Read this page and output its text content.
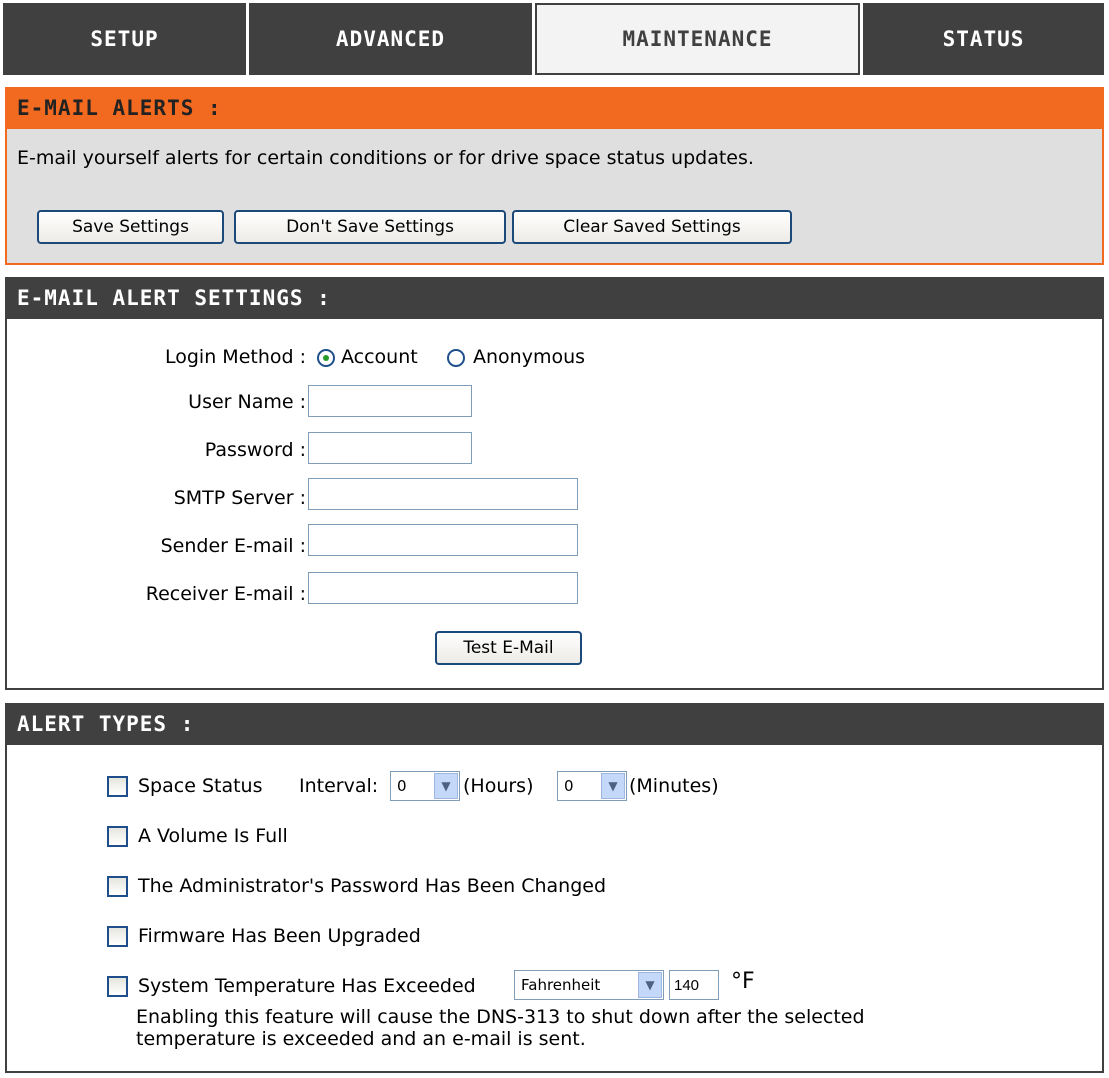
SETUP	ADVANCED	MAINTENANCE	STATUS
E-MAIL ALERTS :
E-mail yourself alerts for certain conditions or for drive space status updates.
Save Settings	Don't Save Settings	Clear Saved Settings
E-MAIL ALERT SETTINGS :
Login Method : Account	Anonymous
User Name :
Password :
SMTP Server :
Sender E-mail :
Receiver E-mail :
Test E-Mail
ALERT TYPES :
Space Status Interval: 0	▼ (Hours) 0	▼ (Minutes)
A Volume Is Full
The Administrator's Password Has Been Changed
Firmware Has Been Upgraded
System Temperature Has Exceeded	Fahrenheit	▼
140	°F
Enabling this feature will cause the DNS-313 to shut down after the selected
temperature is exceeded and an e-mail is sent.
